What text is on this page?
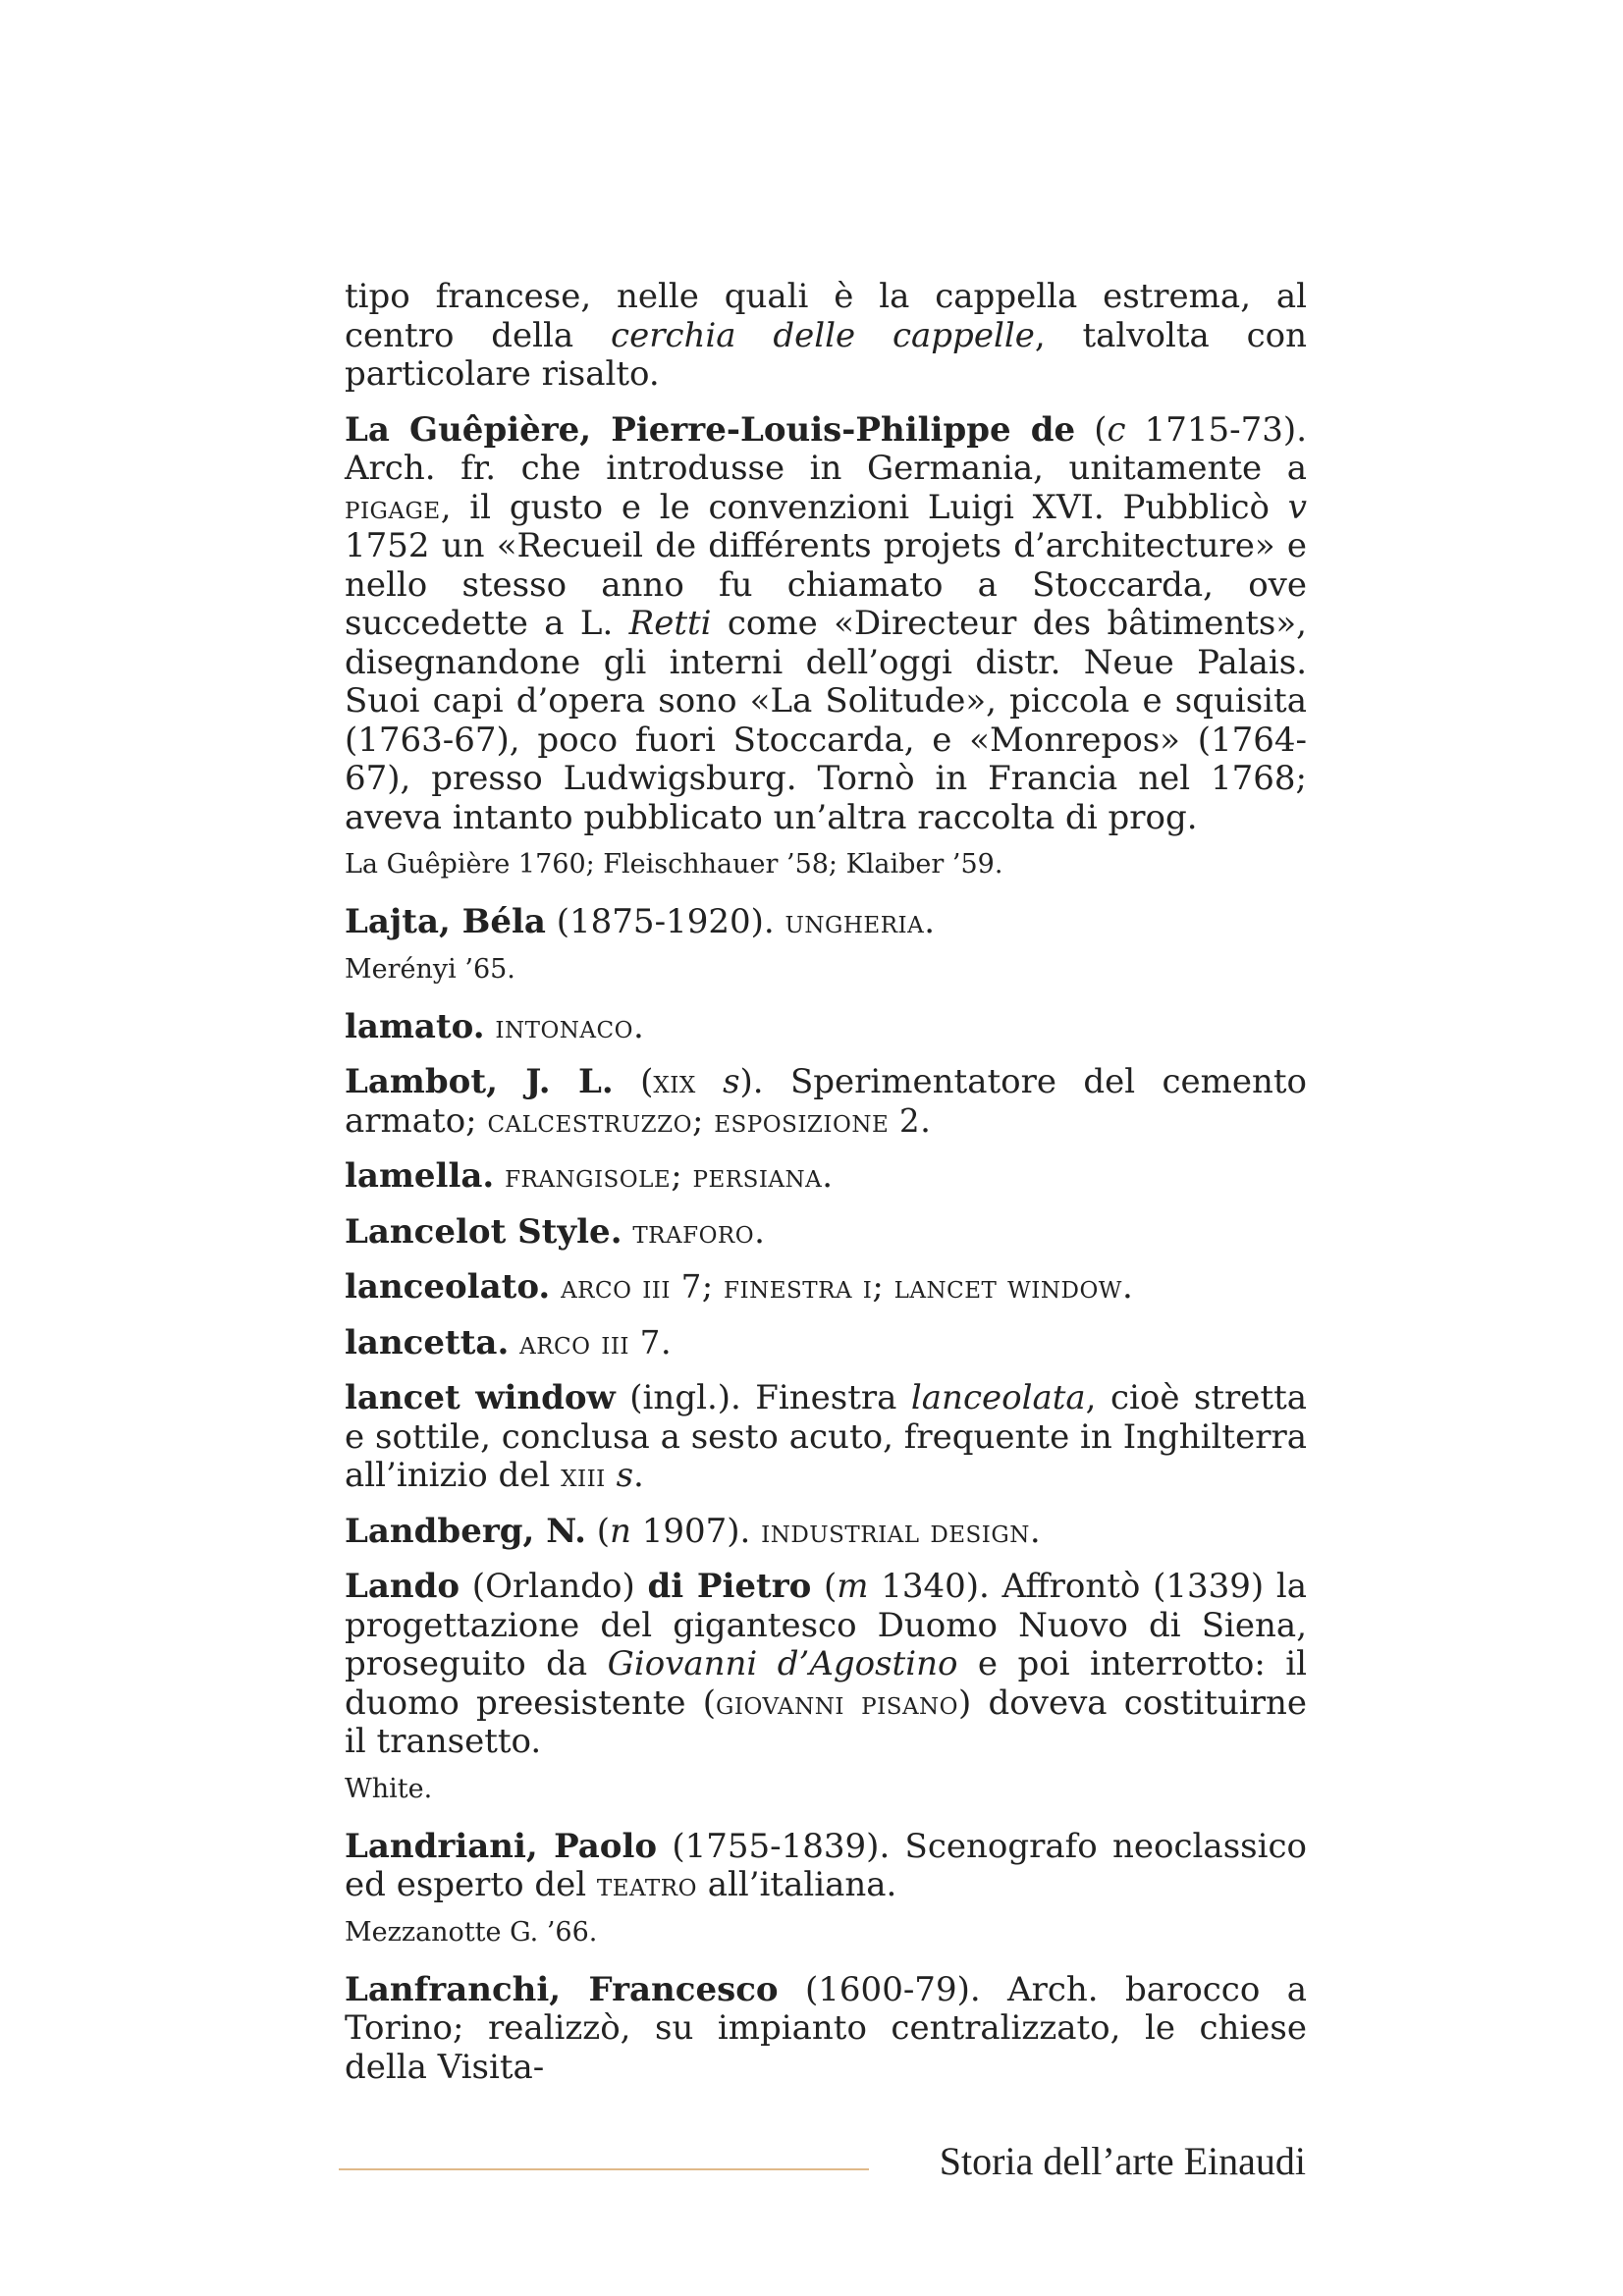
tipo francese, nelle quali è la cappella estrema, al centro della cerchia delle cappelle, talvolta con particolare risalto.

La Guêpière, Pierre-Louis-Philippe de (c 1715-73). Arch. fr. che introdusse in Germania, unitamente a pigage, il gusto e le convenzioni Luigi XVI. Pubblicò v 1752 un «Recueil de différents projets d’architecture» e nello stesso anno fu chiamato a Stoccarda, ove succedette a L. Retti come «Directeur des bâtiments», disegnandone gli interni dell’oggi distr. Neue Palais. Suoi capi d’opera sono «La Solitude», piccola e squisita (1763-67), poco fuori Stoccarda, e «Monrepos» (1764-67), presso Ludwigsburg. Tornò in Francia nel 1768; aveva intanto pubblicato un’altra raccolta di prog.

La Guêpière 1760; Fleischhauer ’58; Klaiber ’59.

Lajta, Béla (1875-1920). ungheria.

Merényi ’65.

lamato. intonaco.

Lambot, J. L. (xix s). Sperimentatore del cemento armato; calcestruzzo; esposizione 2.

lamella. frangisole; persiana.

Lancelot Style. traforo.

lanceolato. arco iii 7; finestra i; lancet window.

lancetta. arco iii 7.

lancet window (ingl.). Finestra lanceolata, cioè stretta e sottile, conclusa a sesto acuto, frequente in Inghilterra all’inizio del xiii s.

Landberg, N. (n 1907). industrial design.

Lando (Orlando) di Pietro (m 1340). Affrontò (1339) la progettazione del gigantesco Duomo Nuovo di Siena, proseguito da Giovanni d’Agostino e poi interrotto: il duomo preesistente (giovanni pisano) doveva costituirne il transetto.

White.

Landriani, Paolo (1755-1839). Scenografo neoclassico ed esperto del teatro all’italiana.

Mezzanotte G. ’66.

Lanfranchi, Francesco (1600-79). Arch. barocco a Torino; realizzò, su impianto centralizzato, le chiese della Visita-

Storia dell’arte Einaudi
